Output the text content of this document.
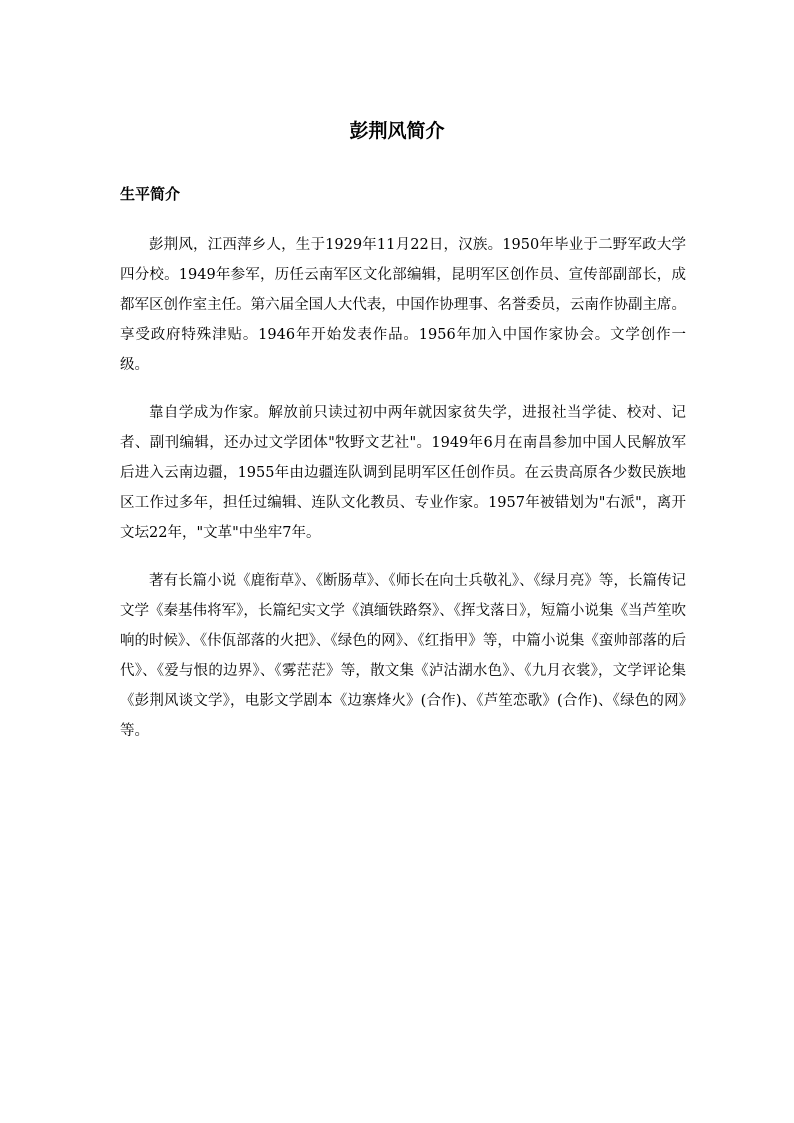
彭荆风简介
生平简介

彭荆风，江西萍乡人，生于1929年11月22日，汉族。1950年毕业于二野军政大学四分校。1949年参军，历任云南军区文化部编辑，昆明军区创作员、宣传部副部长，成都军区创作室主任。第六届全国人大代表，中国作协理事、名誉委员，云南作协副主席。享受政府特殊津贴。1946年开始发表作品。1956年加入中国作家协会。文学创作一级。

靠自学成为作家。解放前只读过初中两年就因家贫失学，进报社当学徒、校对、记者、副刊编辑，还办过文学团体"牧野文艺社"。1949年6月在南昌参加中国人民解放军后进入云南边疆，1955年由边疆连队调到昆明军区任创作员。在云贵高原各少数民族地区工作过多年，担任过编辑、连队文化教员、专业作家。1957年被错划为"右派"，离开文坛22年，"文革"中坐牢7年。

著有长篇小说《鹿衔草》、《断肠草》、《师长在向士兵敬礼》、《绿月亮》等，长篇传记文学《秦基伟将军》，长篇纪实文学《滇缅铁路祭》、《挥戈落日》，短篇小说集《当芦笙吹响的时候》、《佧佤部落的火把》、《绿色的网》、《红指甲》等，中篇小说集《蛮帅部落的后代》、《爱与恨的边界》、《雾茫茫》等，散文集《泸沽湖水色》、《九月衣裳》，文学评论集《彭荆风谈文学》，电影文学剧本《边寨烽火》(合作)、《芦笙恋歌》(合作)、《绿色的网》等。
